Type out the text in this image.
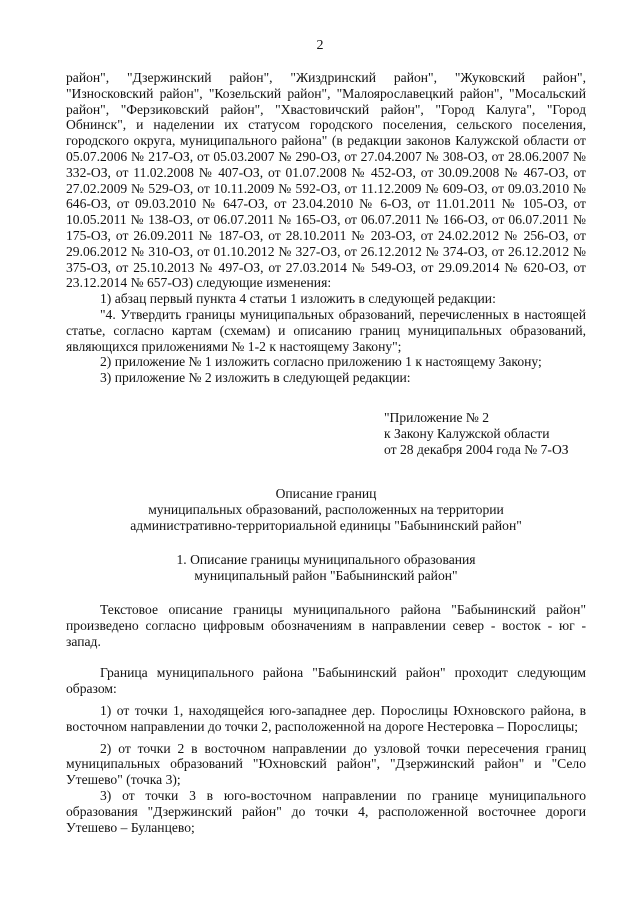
2

район", "Дзержинский район", "Жиздринский район", "Жуковский район", "Износковский район", "Козельский район", "Малоярославецкий район", "Мосальский район", "Ферзиковский район", "Хвастовичский район", "Город Калуга", "Город Обнинск", и наделении их статусом городского поселения, сельского поселения, городского округа, муниципального района" (в редакции законов Калужской области от 05.07.2006 № 217-ОЗ, от 05.03.2007 № 290-ОЗ, от 27.04.2007 № 308-ОЗ, от 28.06.2007 № 332-ОЗ, от 11.02.2008 № 407-ОЗ, от 01.07.2008 № 452-ОЗ, от 30.09.2008 № 467-ОЗ, от 27.02.2009 № 529-ОЗ, от 10.11.2009 № 592-ОЗ, от 11.12.2009 № 609-ОЗ, от 09.03.2010 № 646-ОЗ, от 09.03.2010 № 647-ОЗ, от 23.04.2010 № 6-ОЗ, от 11.01.2011 № 105-ОЗ, от 10.05.2011 № 138-ОЗ, от 06.07.2011 № 165-ОЗ, от 06.07.2011 № 166-ОЗ, от 06.07.2011 № 175-ОЗ, от 26.09.2011 № 187-ОЗ, от 28.10.2011 № 203-ОЗ, от 24.02.2012 № 256-ОЗ, от 29.06.2012 № 310-ОЗ, от 01.10.2012 № 327-ОЗ, от 26.12.2012 № 374-ОЗ, от 26.12.2012 № 375-ОЗ, от 25.10.2013 № 497-ОЗ, от 27.03.2014 № 549-ОЗ, от 29.09.2014 № 620-ОЗ, от 23.12.2014 № 657-ОЗ) следующие изменения:

1) абзац первый пункта 4 статьи 1 изложить в следующей редакции:

"4. Утвердить границы муниципальных образований, перечисленных в настоящей статье, согласно картам (схемам) и описанию границ муниципальных образований, являющихся приложениями № 1-2 к настоящему Закону";

2) приложение № 1 изложить согласно приложению 1 к настоящему Закону;

3) приложение № 2 изложить в следующей редакции:

"Приложение № 2
к Закону Калужской области
от 28 декабря 2004 года № 7-ОЗ
Описание границ
муниципальных образований, расположенных на территории
административно-территориальной единицы "Бабынинский район"
1. Описание границы муниципального образования
муниципальный район "Бабынинский район"

Текстовое описание границы муниципального района "Бабынинский район" произведено согласно цифровым обозначениям в направлении север - восток - юг - запад.

Граница муниципального района "Бабынинский район" проходит следующим образом:

1) от точки 1, находящейся юго-западнее дер. Порослицы Юхновского района, в восточном направлении до точки 2, расположенной на дороге Нестеровка – Порослицы;

2) от точки 2 в восточном направлении до узловой точки пересечения границ муниципальных образований "Юхновский район", "Дзержинский район" и "Село Утешево" (точка 3);

3) от точки 3 в юго-восточном направлении по границе муниципального образования "Дзержинский район" до точки 4, расположенной восточнее дороги Утешево – Буланцево;
